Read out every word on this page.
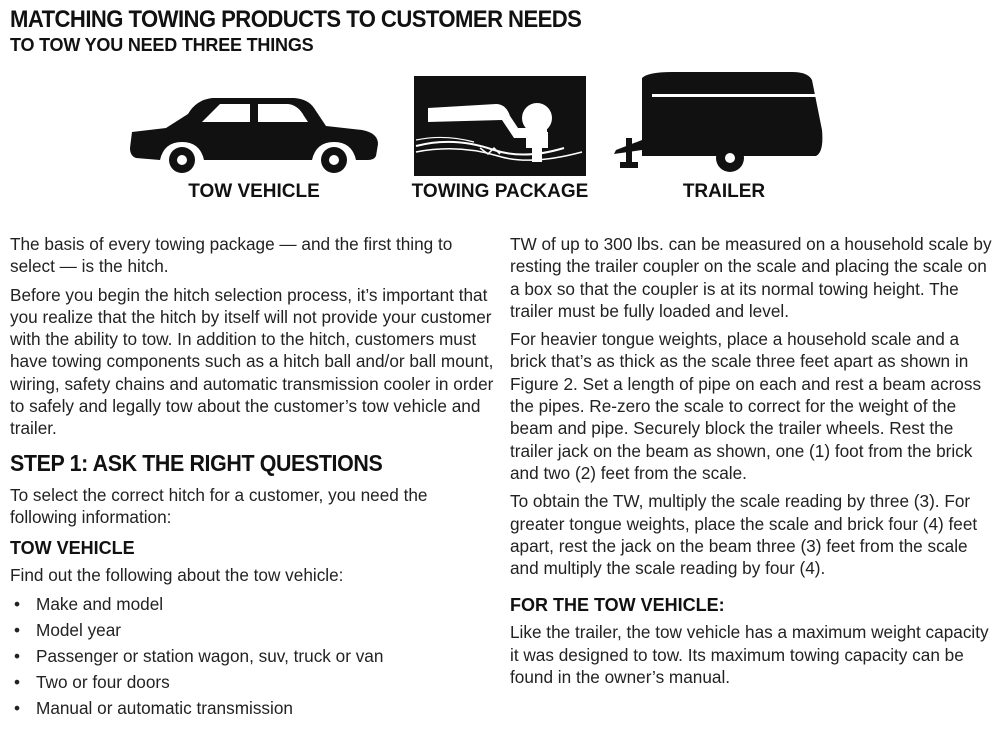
MATCHING TOWING PRODUCTS TO CUSTOMER NEEDS
TO TOW YOU NEED THREE THINGS
TOW VEHICLE	TOWING PACKAGE	TRAILER

The basis of every towing package — and the first thing to select — is the hitch.

Before you begin the hitch selection process, it’s important that you realize that the hitch by itself will not provide your customer with the ability to tow. In addition to the hitch, customers must have towing components such as a hitch ball and/or ball mount, wiring, safety chains and automatic transmission cooler in order to safely and legally tow about the customer’s tow vehicle and trailer.

STEP 1: ASK THE RIGHT QUESTIONS

To select the correct hitch for a customer, you need the following information:

TOW VEHICLE

Find out the following about the tow vehicle:

• Make and model
• Model year
• Passenger or station wagon, suv, truck or van
• Two or four doors
• Manual or automatic transmission

TW of up to 300 lbs. can be measured on a household scale by resting the trailer coupler on the scale and placing the scale on a box so that the coupler is at its normal towing height. The trailer must be fully loaded and level.

For heavier tongue weights, place a household scale and a brick that’s as thick as the scale three feet apart as shown in Figure 2. Set a length of pipe on each and rest a beam across the pipes. Re-zero the scale to correct for the weight of the beam and pipe. Securely block the trailer wheels. Rest the trailer jack on the beam as shown, one (1) foot from the brick and two (2) feet from the scale.

To obtain the TW, multiply the scale reading by three (3). For greater tongue weights, place the scale and brick four (4) feet apart, rest the jack on the beam three (3) feet from the scale and multiply the scale reading by four (4).

FOR THE TOW VEHICLE:

Like the trailer, the tow vehicle has a maximum weight capacity it was designed to tow. Its maximum towing capacity can be found in the owner’s manual.
